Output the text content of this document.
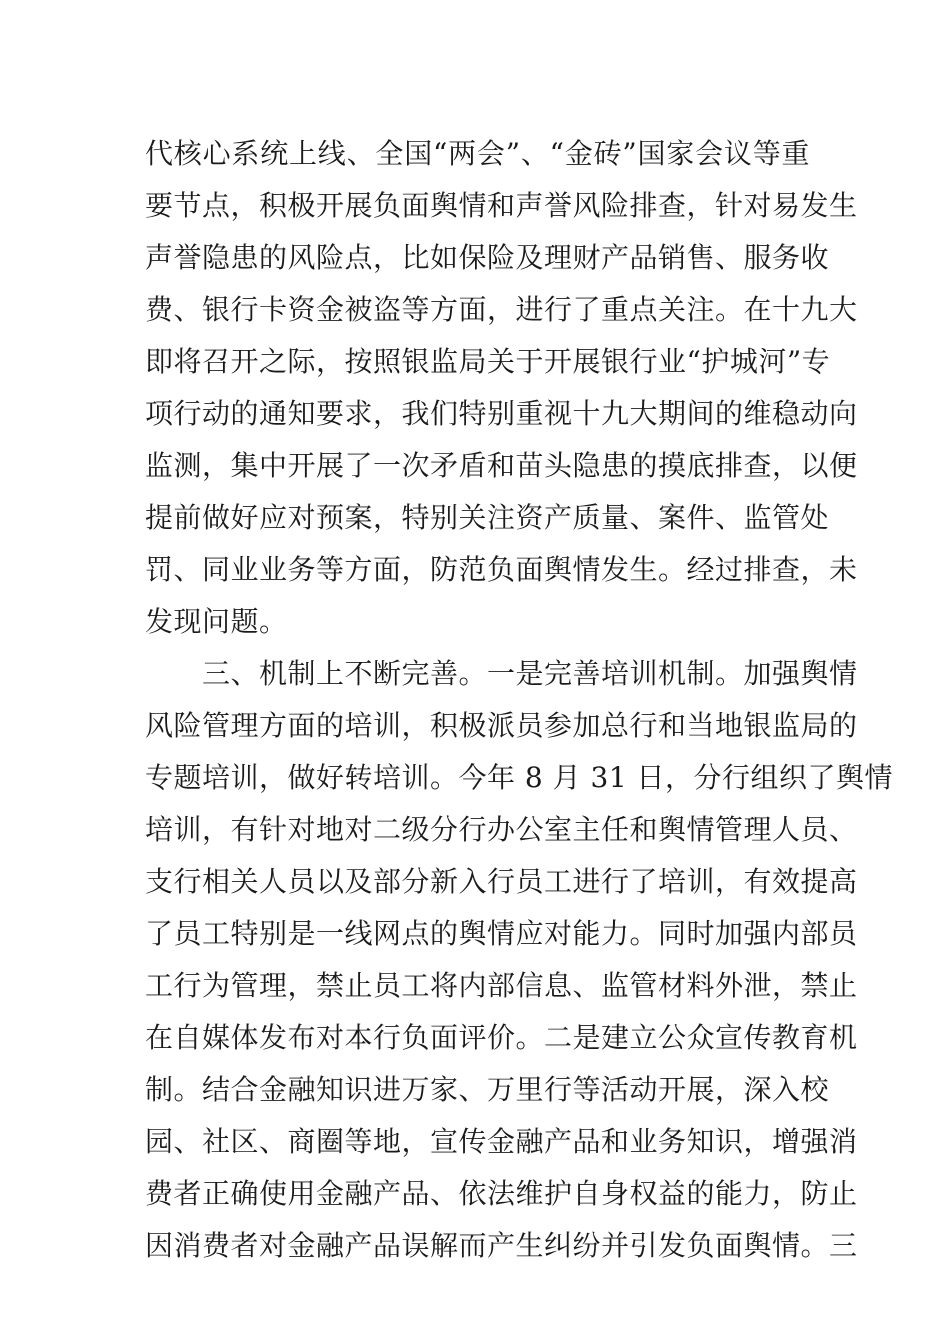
代核心系统上线、全国“两会”、“金砖”国家会议等重
要节点，积极开展负面舆情和声誉风险排查，针对易发生
声誉隐患的风险点，比如保险及理财产品销售、服务收
费、银行卡资金被盗等方面，进行了重点关注。在十九大
即将召开之际，按照银监局关于开展银行业“护城河”专
项行动的通知要求，我们特别重视十九大期间的维稳动向
监测，集中开展了一次矛盾和苗头隐患的摸底排查，以便
提前做好应对预案，特别关注资产质量、案件、监管处
罚、同业业务等方面，防范负面舆情发生。经过排查，未
发现问题。
　　三、机制上不断完善。一是完善培训机制。加强舆情
风险管理方面的培训，积极派员参加总行和当地银监局的
专题培训，做好转培训。今年 8 月 31 日，分行组织了舆情
培训，有针对地对二级分行办公室主任和舆情管理人员、
支行相关人员以及部分新入行员工进行了培训，有效提高
了员工特别是一线网点的舆情应对能力。同时加强内部员
工行为管理，禁止员工将内部信息、监管材料外泄，禁止
在自媒体发布对本行负面评价。二是建立公众宣传教育机
制。结合金融知识进万家、万里行等活动开展，深入校
园、社区、商圈等地，宣传金融产品和业务知识，增强消
费者正确使用金融产品、依法维护自身权益的能力，防止
因消费者对金融产品误解而产生纠纷并引发负面舆情。三
